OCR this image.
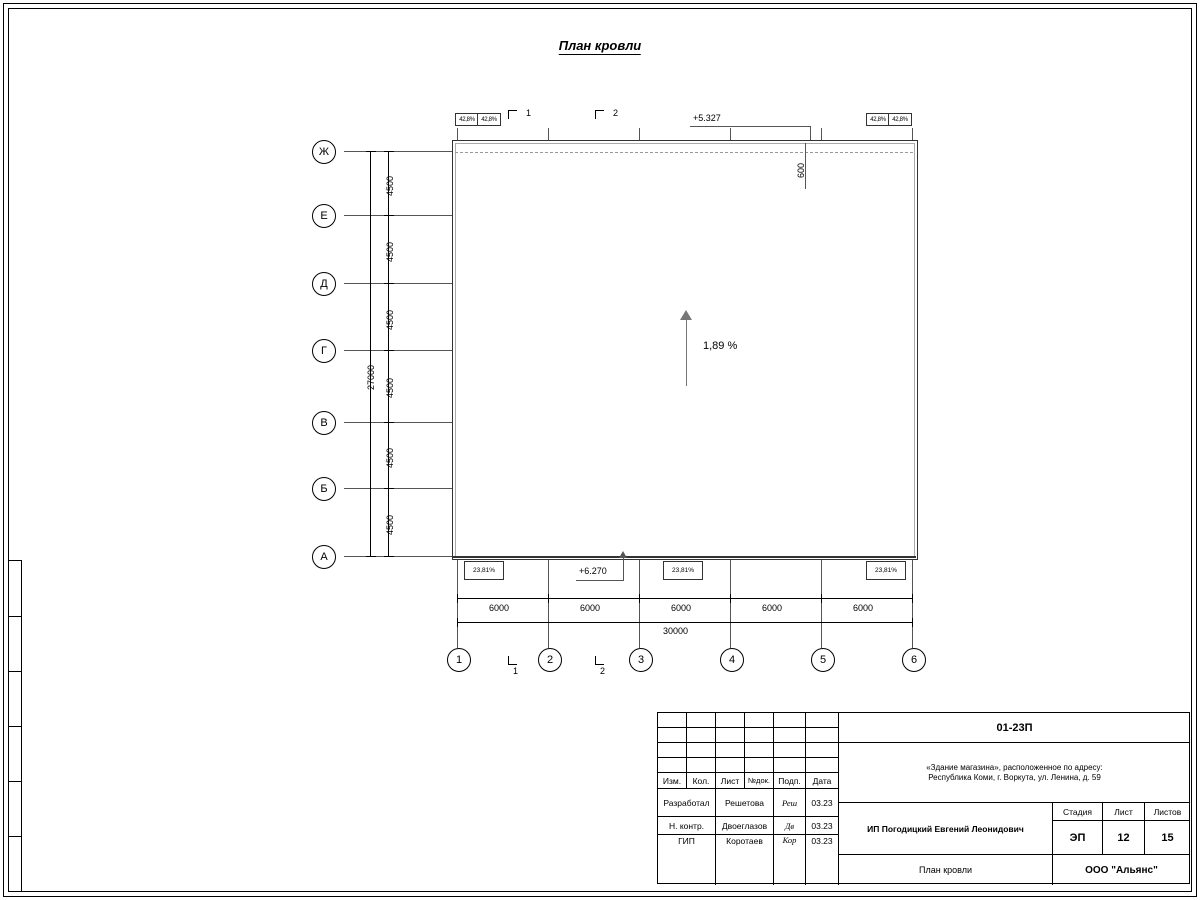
План кровли
1,89 %
+5.327
+6.270
600
42,8%	42,8%	42,8%	42,8%
23,81%	23,81%	23,81%
1	2
4500
4500
4500
4500
4500
4500
27000
Ж
Е
Д
Г
В
Б
А
6000	6000	6000	6000	6000
30000
1	2	3	4	5	6
1	2
Изм.	Кол.	Лист	№док. Подп.	Дата
Разработал	Решетова	Реш	03.23
Н. контр.	Двоеглазов	Дв	03.23
ГИП	Коротаев	Кор	03.23
01-23П
«Здание магазина», расположенное по адресу:
Республика Коми, г. Воркута, ул. Ленина, д. 59
ИП Погодицкий Евгений Леонидович
План кровли
Стадия	Лист	Листов
ЭП	12	15
ООО "Альянс"
